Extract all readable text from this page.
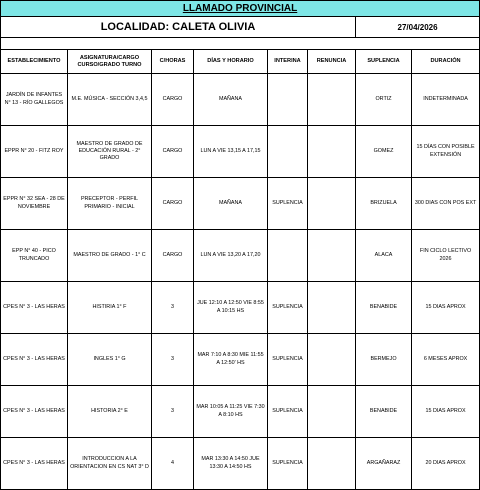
LLAMADO PROVINCIAL							
LOCALIDAD: CALETA OLIVIA						27/04/2026	

ESTABLECIMIENTO	ASIGNATURA/CARGO CURSO/GRADO TURNO	C/HORAS	DÍAS Y HORARIO	INTERINA	RENUNCIA	SUPLENCIA	DURACIÓN
JARDÍN DE INFANTES N° 13 - RÍO GALLEGOS	M.E. MÚSICA - SECCIÓN 3,4,5	CARGO	MAÑANA			ORTIZ	INDETERMINADA
EPPR N° 20 - FITZ ROY	MAESTRO DE GRADO DE EDUCACIÓN RURAL - 2° GRADO	CARGO	LUN A VIE 13,15 A 17,15			GOMEZ	15 DÍAS CON POSIBLE EXTENSIÓN
EPPR N° 32 SEA - 28 DE NOVIEMBRE	PRECEPTOR - PERFIL PRIMARIO - INICIAL	CARGO	MAÑANA	SUPLENCIA		BRIZUELA	300 DIAS CON POS EXT
EPP N° 40 - PICO TRUNCADO	MAESTRO DE GRADO - 1° C	CARGO	LUN A VIE 13,20 A 17,20			ALACA	FIN CICLO LECTIVO 2026
CPES N° 3 - LAS HERAS	HISTIRIA 1° F	3	JUE 12:10 A 12:50 VIE 8:55 A 10:15 HS	SUPLENCIA		BENABIDE	15 DIAS APROX
CPES N° 3 - LAS HERAS	INGLES 1° G	3	MAR 7:10 A 8:30 MIE 11:55 A 12:50' HS	SUPLENCIA		BERMEJO	6 MESES APROX
CPES N° 3 - LAS HERAS	HISTORIA 2° E	3	MAR 10:05 A 11:25 VIE 7:30 A 8:10 HS	SUPLENCIA		BENABIDE	15 DIAS APROX
CPES N° 3 - LAS HERAS	INTRODUCCION A LA ORIENTACION EN CS NAT 3° D	4	MAR 13:30 A 14:50 JUE 13:30 A 14:50 HS	SUPLENCIA		ARGAÑARAZ	20 DIAS APROX
